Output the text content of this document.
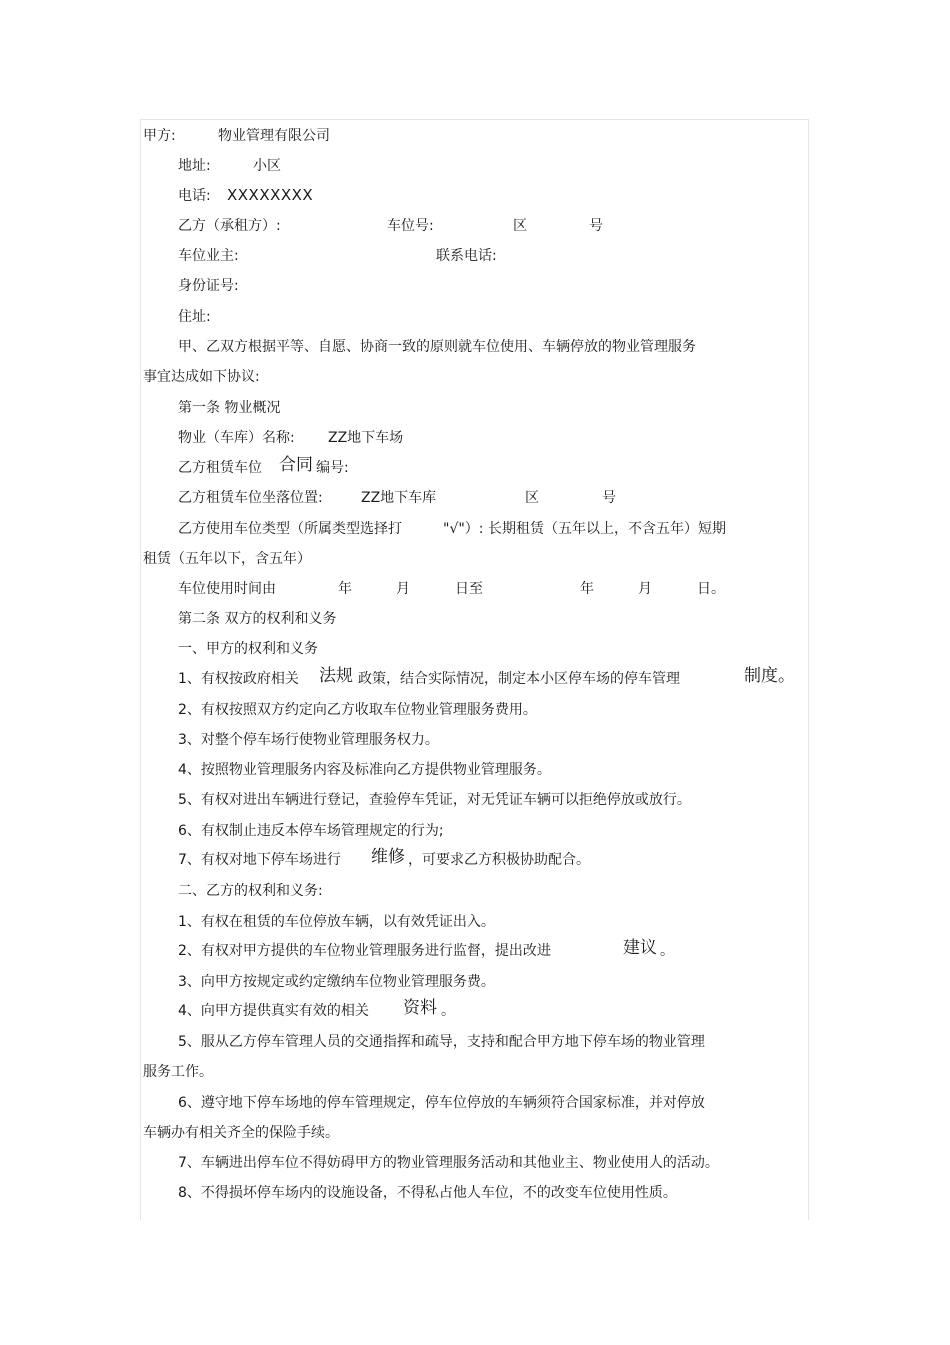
甲方:	物业管理有限公司
地址:	小区
电话: XXXXXXXX
乙方（承租方）:	车位号:	区	号
车位业主:	联系电话:
身份证号:
住址:
甲、乙双方根据平等、自愿、协商一致的原则就车位使用、车辆停放的物业管理服务
事宜达成如下协议:
第一条 物业概况
物业（车库）名称: ZZ地下车场
乙方租赁车位 合同 编号:
乙方租赁车位坐落位置:	ZZ地下车库	区	号
乙方使用车位类型（所属类型选择打	"√"）: 长期租赁（五年以上，不含五年）短期
租赁（五年以下，含五年）
车位使用时间由	年	月	日至	年	月	日。
第二条 双方的权利和义务
一、甲方的权利和义务
1、有权按政府相关 法规 政策，结合实际情况，制定本小区停车场的停车管理	制度。
2、有权按照双方约定向乙方收取车位物业管理服务费用。
3、对整个停车场行使物业管理服务权力。
4、按照物业管理服务内容及标准向乙方提供物业管理服务。
5、有权对进出车辆进行登记，查验停车凭证，对无凭证车辆可以拒绝停放或放行。
6、有权制止违反本停车场管理规定的行为;
7、有权对地下停车场进行 维修 ，可要求乙方积极协助配合。
二、乙方的权利和义务:
1、有权在租赁的车位停放车辆，以有效凭证出入。
2、有权对甲方提供的车位物业管理服务进行监督，提出改进	建议 。
3、向甲方按规定或约定缴纳车位物业管理服务费。
4、向甲方提供真实有效的相关 资料 。
5、服从乙方停车管理人员的交通指挥和疏导，支持和配合甲方地下停车场的物业管理
服务工作。
6、遵守地下停车场地的停车管理规定，停车位停放的车辆须符合国家标准，并对停放
车辆办有相关齐全的保险手续。
7、车辆进出停车位不得妨碍甲方的物业管理服务活动和其他业主、物业使用人的活动。
8、不得损坏停车场内的设施设备，不得私占他人车位，不的改变车位使用性质。
